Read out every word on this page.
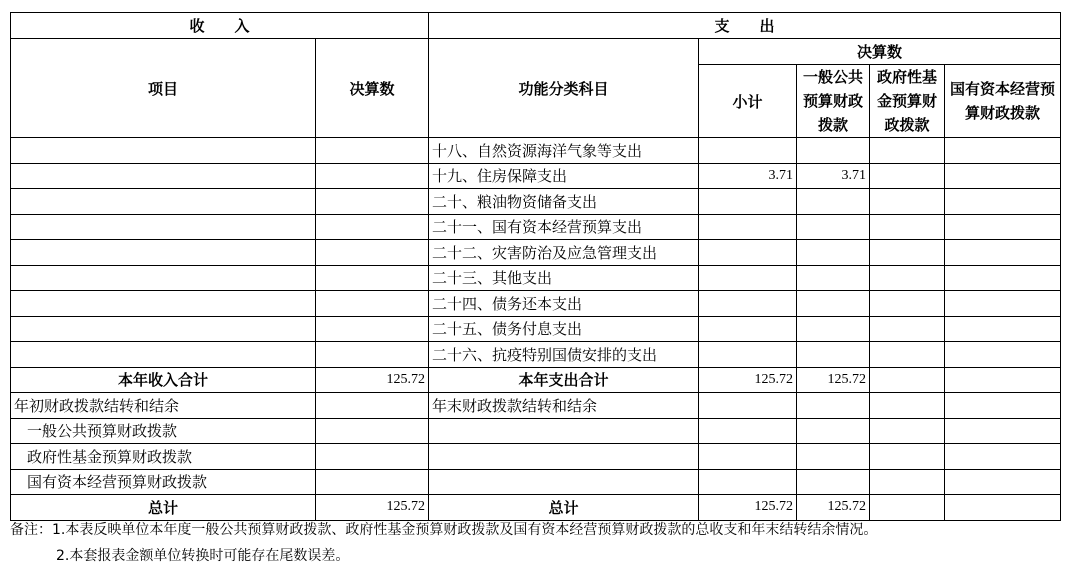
收　　入		支　　出				
项目	决算数	功能分类科目	决算数			
			小计	一般公共预算财政拨款	政府性基金预算财政拨款	国有资本经营预算财政拨款
		十八、自然资源海洋气象等支出				
		十九、住房保障支出	3.71	3.71		
		二十、粮油物资储备支出				
		二十一、国有资本经营预算支出				
		二十二、灾害防治及应急管理支出				
		二十三、其他支出				
		二十四、债务还本支出				
		二十五、债务付息支出				
		二十六、抗疫特别国债安排的支出				
本年收入合计	125.72	本年支出合计	125.72	125.72		
年初财政拨款结转和结余		年末财政拨款结转和结余				
一般公共预算财政拨款						
政府性基金预算财政拨款						
国有资本经营预算财政拨款						
总计	125.72	总计	125.72	125.72		
备注：1.本表反映单位本年度一般公共预算财政拨款、政府性基金预算财政拨款及国有资本经营预算财政拨款的总收支和年末结转结余情况。
2.本套报表金额单位转换时可能存在尾数误差。
